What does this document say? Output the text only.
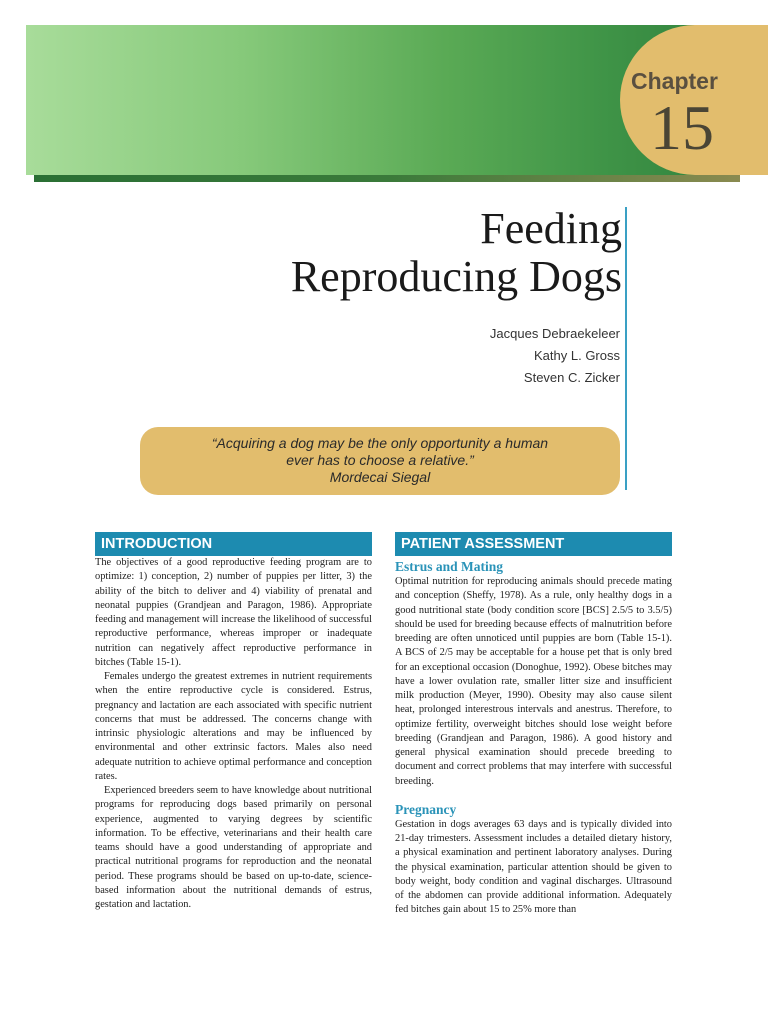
Chapter
15
Feeding
Reproducing Dogs
Jacques Debraekeleer
Kathy L. Gross
Steven C. Zicker
“Acquiring a dog may be the only opportunity a human ever has to choose a relative.”
Mordecai Siegal
INTRODUCTION

The objectives of a good reproductive feeding program are to optimize: 1) conception, 2) number of puppies per litter, 3) the ability of the bitch to deliver and 4) viability of prenatal and neonatal puppies (Grandjean and Paragon, 1986). Appropriate feeding and management will increase the likelihood of successful reproductive performance, whereas improper or inadequate nutrition can negatively affect reproductive performance in bitches (Table 15-1).

Females undergo the greatest extremes in nutrient requirements when the entire reproductive cycle is considered. Estrus, pregnancy and lactation are each associated with specific nutrient concerns that must be addressed. The concerns change with intrinsic physiologic alterations and may be influenced by environmental and other extrinsic factors. Males also need adequate nutrition to achieve optimal performance and conception rates.

Experienced breeders seem to have knowledge about nutritional programs for reproducing dogs based primarily on personal experience, augmented to varying degrees by scientific information. To be effective, veterinarians and their health care teams should have a good understanding of appropriate and practical nutritional programs for reproduction and the neonatal period. These programs should be based on up-to-date, science-based information about the nutritional demands of estrus, gestation and lactation.

PATIENT ASSESSMENT
Estrus and Mating

Optimal nutrition for reproducing animals should precede mating and conception (Sheffy, 1978). As a rule, only healthy dogs in a good nutritional state (body condition score [BCS] 2.5/5 to 3.5/5) should be used for breeding because effects of malnutrition before breeding are often unnoticed until puppies are born (Table 15-1). A BCS of 2/5 may be acceptable for a house pet that is only bred for an exceptional occasion (Donoghue, 1992). Obese bitches may have a lower ovulation rate, smaller litter size and insufficient milk production (Meyer, 1990). Obesity may also cause silent heat, prolonged interestrous intervals and anestrus. Therefore, to optimize fertility, overweight bitches should lose weight before breeding (Grandjean and Paragon, 1986). A good history and general physical examination should precede breeding to document and correct problems that may interfere with successful breeding.

Pregnancy

Gestation in dogs averages 63 days and is typically divided into 21-day trimesters. Assessment includes a detailed dietary history, a physical examination and pertinent laboratory analyses. During the physical examination, particular attention should be given to body weight, body condition and vaginal discharges. Ultrasound of the abdomen can provide additional information. Adequately fed bitches gain about 15 to 25% more than
